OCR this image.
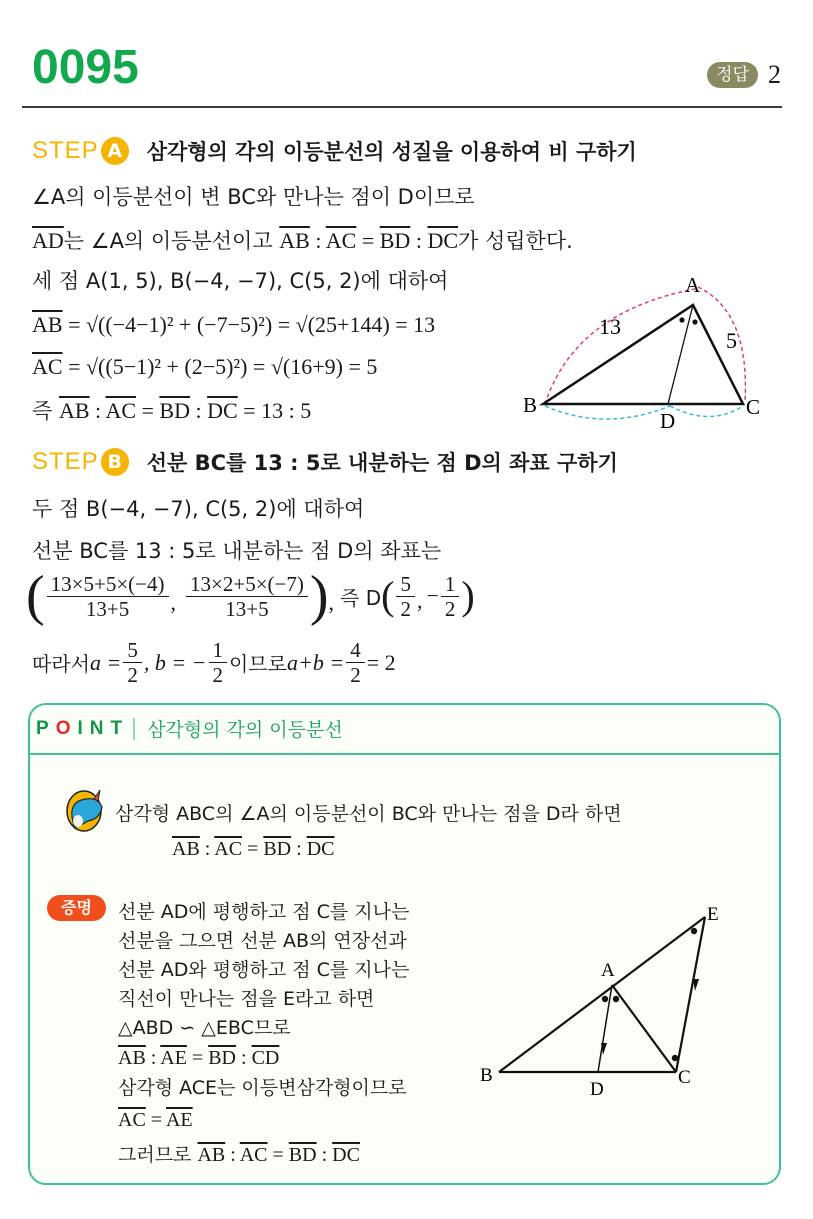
0095	정답 2
STEP A	삼각형의 각의 이등분선의 성질을 이용하여 비 구하기
∠A의 이등분선이 변 BC와 만나는 점이 D이므로
$\overline{AD}$는 ∠A의 이등분선이고 $\overline{AB}$ : $\overline{AC} = \overline{BD}$ : $\overline{DC}$가 성립한다.
세 점 A(1, 5), B(−4, −7), C(5, 2)에 대하여
$\overline{AB} = √((-4-1)^2 + (-7-5)^2) = √(25+144) = 13$
$\overline{AC} = √((5-1)^2 + (2-5)^2) = √(16+9) = 5$
즉 $\overline{AB}$ : $\overline{AC} = \overline{BD}$ : $\overline{DC} = 13$ : 5
A
B	C
D
13
5
STEP B	선분 BC를 13 : 5로 내분하는 점 D의 좌표 구하기
두 점 B(−4, −7), C(5, 2)에 대하여
선분 BC를 13 : 5로 내분하는 점 D의 좌표는
( $\frac{13\times 5+5\times(-4)}{13+5}$ , $\frac{13\times 2+5\times(-7)}{13+5}$ ) , 즉 D ( $\frac{5}{2}$ , − $\frac{1}{2}$ )
따라서 $a = \frac{5}{2}$ , b = − $\frac{1}{2}$ 이므로 $a+b = \frac{4}{2} = 2$
POINT 삼각형의 각의 이등분선
삼각형 ABC의 ∠A의 이등분선이 BC와 만나는 점을 D라 하면
$\overline{AB}$ : $\overline{AC} = \overline{BD}$ : $\overline{DC}$
증명	선분 AD에 평행하고 점 C를 지나는
선분을 그으면 선분 AB의 연장선과
선분 AD와 평행하고 점 C를 지나는
직선이 만나는 점을 E라고 하면
△ABD ∽ △EBC므로
$\overline{AB}$ : $\overline{AE} = \overline{BD}$ : $\overline{CD}$
삼각형 ACE는 이등변삼각형이므로
$\overline{AC} = \overline{AE}$
그러므로 $\overline{AB}$ : $\overline{AC} = \overline{BD}$ : $\overline{DC}$
A
B	C
D
E
